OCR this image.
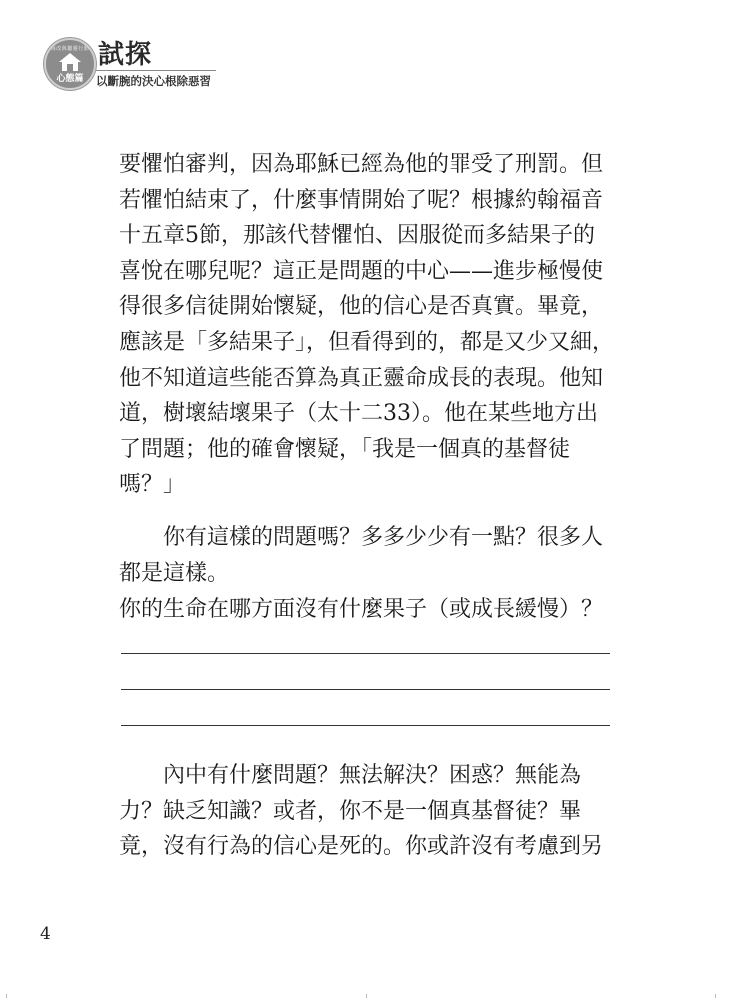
悔改與屬靈行動
心態篇
試探
以斷腕的決心根除惡習

要懼怕審判，因為耶穌已經為他的罪受了刑罰。但若懼怕結束了，什麼事情開始了呢？根據約翰福音十五章5節，那該代替懼怕、因服從而多結果子的喜悅在哪兒呢？這正是問題的中心——進步極慢使得很多信徒開始懷疑，他的信心是否真實。畢竟，應該是「多結果子」，但看得到的，都是又少又細，他不知道這些能否算為真正靈命成長的表現。他知道，樹壞結壞果子（太十二33）。他在某些地方出了問題；他的確會懷疑，「我是一個真的基督徒嗎？」

你有這樣的問題嗎？多多少少有一點？很多人都是這樣。

你的生命在哪方面沒有什麼果子（或成長緩慢）？

內中有什麼問題？無法解決？困惑？無能為力？缺乏知識？或者，你不是一個真基督徒？畢竟，沒有行為的信心是死的。你或許沒有考慮到另

4
